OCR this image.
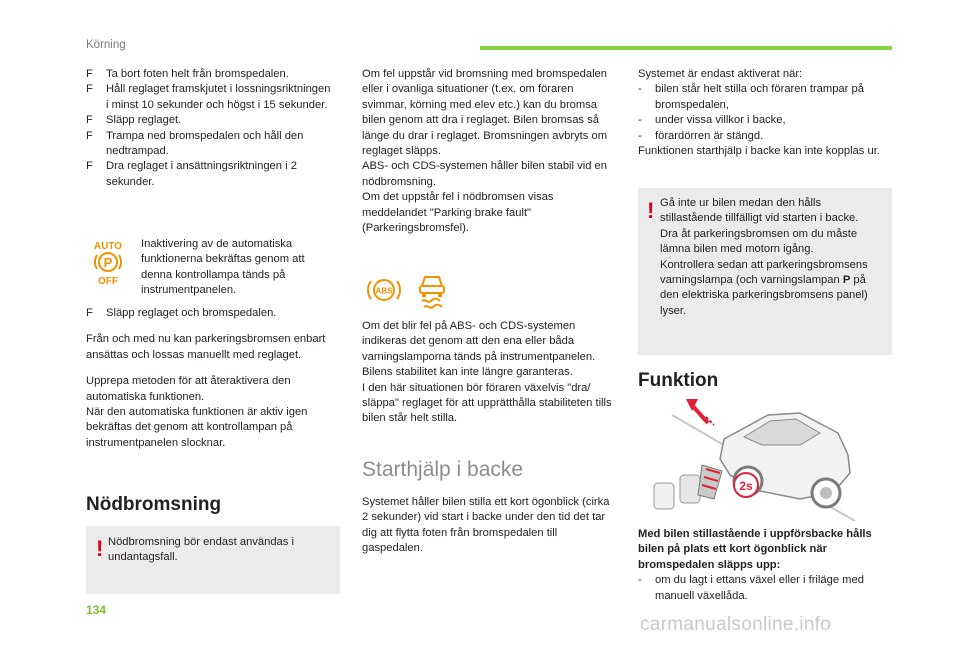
Körning

F Ta bort foten helt från bromspedalen.

F Håll reglaget framskjutet i lossningsriktningen i minst 10 sekunder och högst i 15 sekunder.

F Släpp reglaget.

F Trampa ned bromspedalen och håll den nedtrampad.

F Dra reglaget i ansättningsriktningen i 2 sekunder.

AUTO
P
OFF

Inaktivering av de automatiska funktionerna bekräftas genom att denna kontrollampa tänds på instrumentpanelen.

F Släpp reglaget och bromspedalen.

Från och med nu kan parkeringsbromsen enbart ansättas och lossas manuellt med reglaget.

Upprepa metoden för att återaktivera den automatiska funktionen.

När den automatiska funktionen är aktiv igen bekräftas det genom att kontrollampan på instrumentpanelen slocknar.

Nödbromsning
! Nödbromsning bör endast användas i undantagsfall.

Om fel uppstår vid bromsning med bromspedalen eller i ovanliga situationer (t.ex. om föraren svimmar, körning med elev etc.) kan du bromsa bilen genom att dra i reglaget. Bilen bromsas så länge du drar i reglaget. Bromsningen avbryts om reglaget släpps.

ABS- och CDS-systemen håller bilen stabil vid en nödbromsning.

Om det uppstår fel i nödbromsen visas meddelandet "Parking brake fault" (Parkeringsbromsfel).

ABS

Om det blir fel på ABS- och CDS-systemen indikeras det genom att den ena eller båda varningslamporna tänds på instrumentpanelen.

Bilens stabilitet kan inte längre garanteras.

I den här situationen bör föraren växelvis "dra/ släppa" reglaget för att upprätthålla stabiliteten tills bilen står helt stilla.

Starthjälp i backe

Systemet håller bilen stilla ett kort ögonblick (cirka 2 sekunder) vid start i backe under den tid det tar dig att flytta foten från bromspedalen till gaspedalen.

Systemet är endast aktiverat när:

- bilen står helt stilla och föraren trampar på bromspedalen,

- under vissa villkor i backe,

- förardörren är stängd.

Funktionen starthjälp i backe kan inte kopplas ur.

! Gå inte ur bilen medan den hålls stillastående tillfälligt vid starten i backe.

Dra åt parkeringsbromsen om du måste lämna bilen med motorn igång.

Kontrollera sedan att parkeringsbromsens varningslampa (och varningslampan P på den elektriska parkeringsbromsens panel) lyser.

Funktion
2s

Med bilen stillastående i uppförsbacke hålls bilen på plats ett kort ögonblick när bromspedalen släpps upp:

- om du lagt i ettans växel eller i friläge med manuell växellåda.

134
carmanualsonline.info
